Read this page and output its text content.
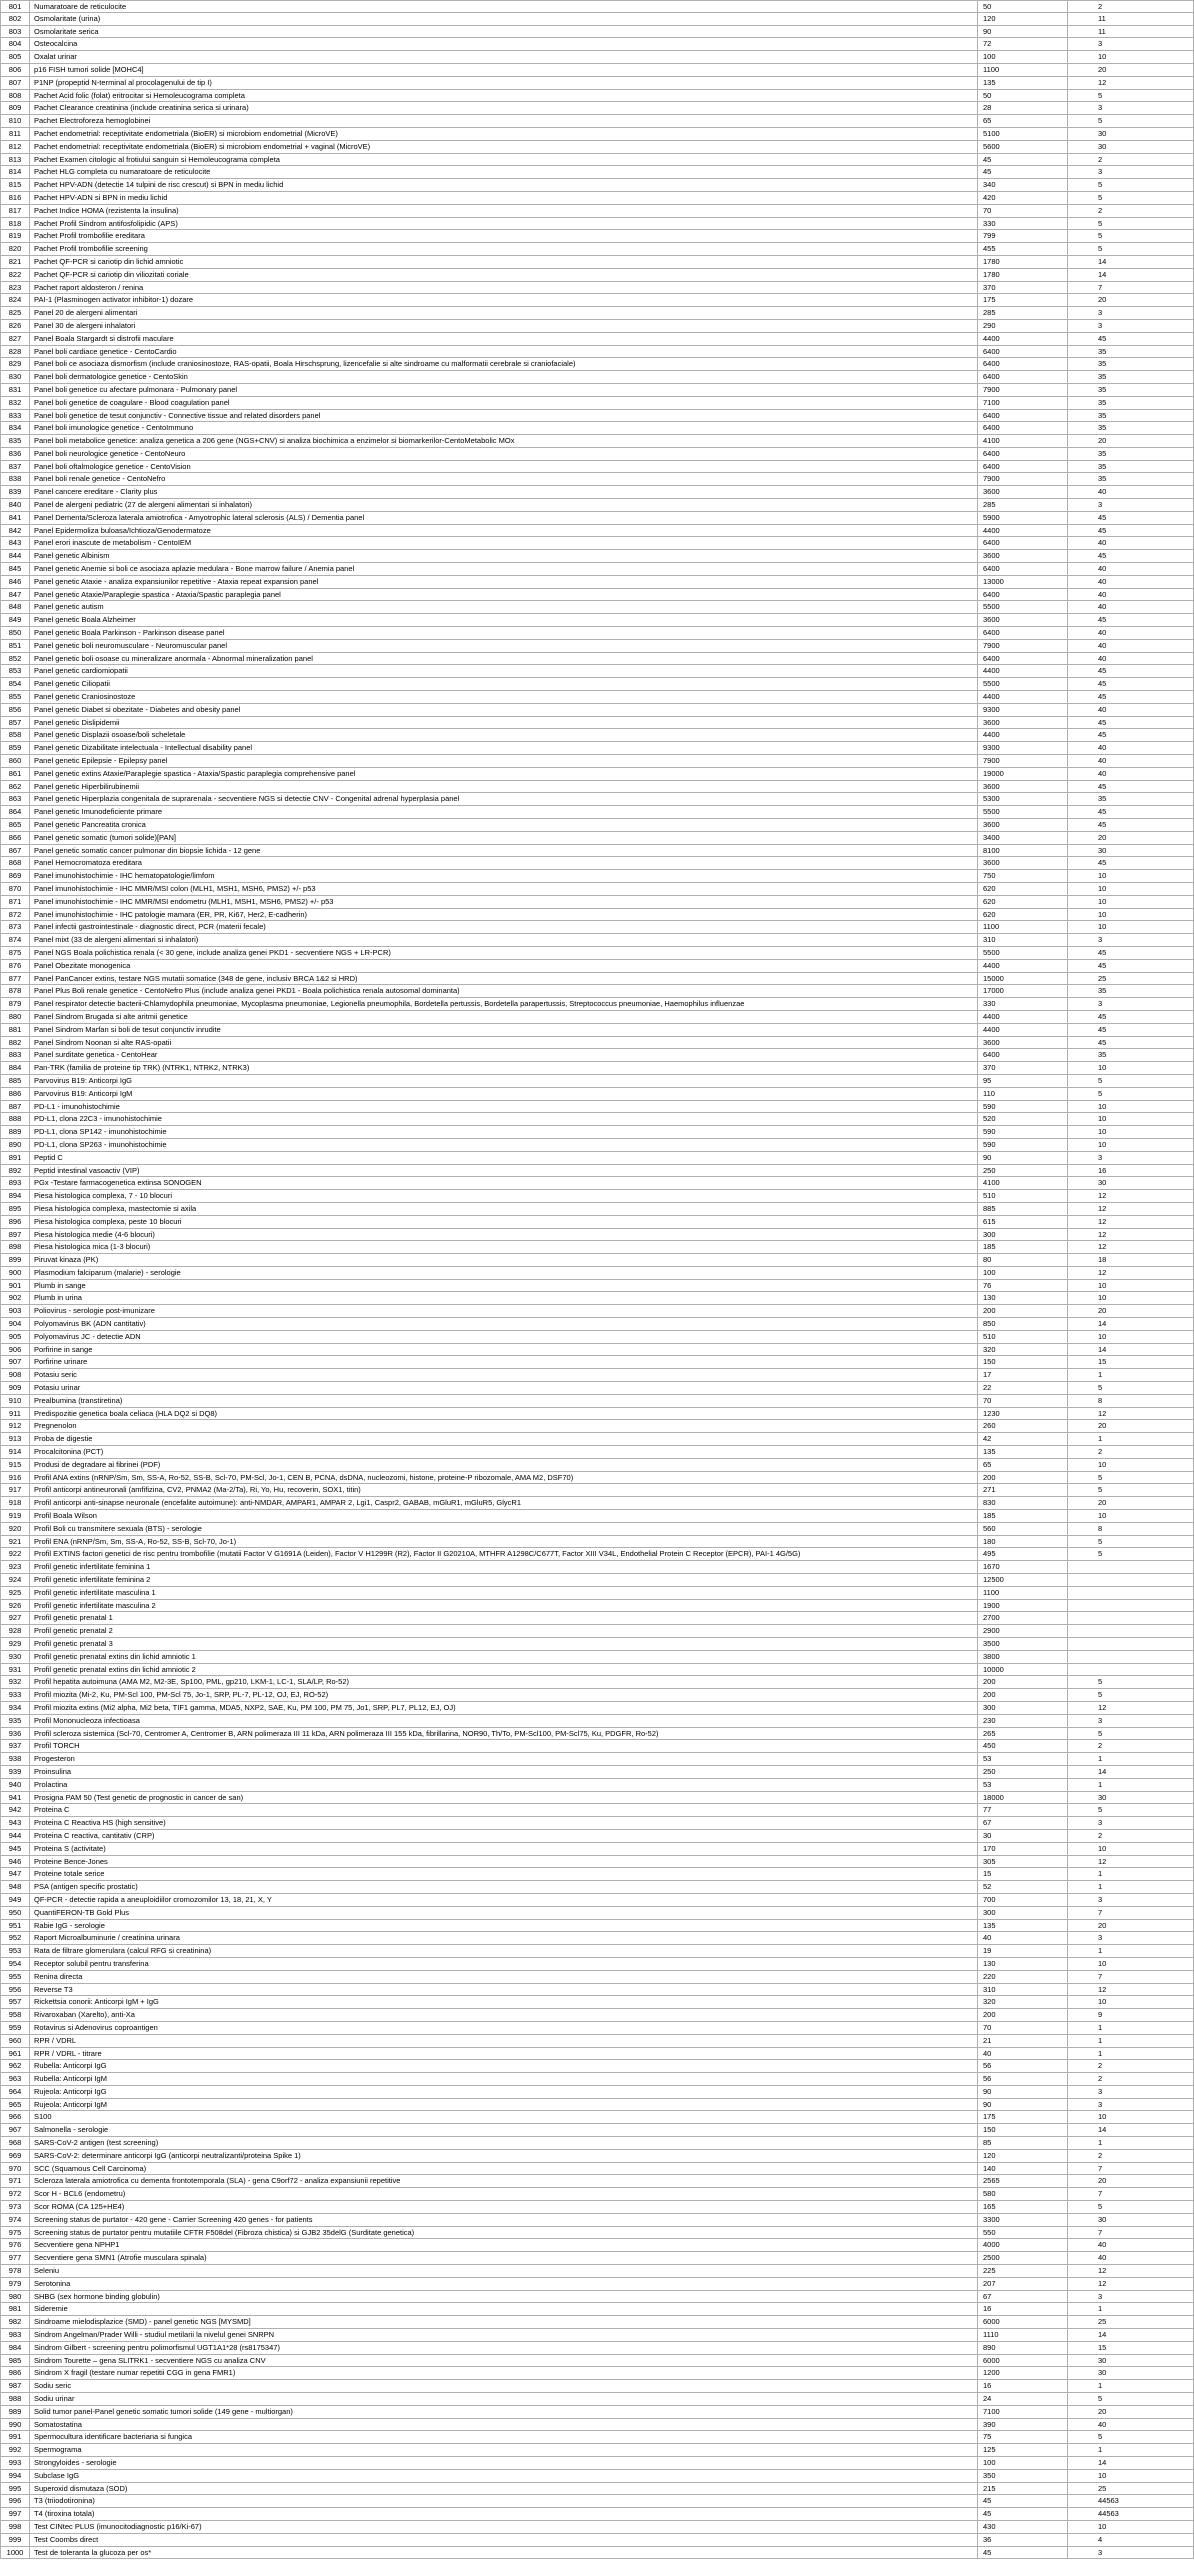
801	Numaratoare de reticulocite	50	2
802	Osmolaritate (urina)	120	11
803	Osmolaritate serica	90	11
804	Osteocalcina	72	3
805	Oxalat urinar	100	10
806	p16 FISH tumori solide [MOHC4]	1100	20
807	P1NP (propeptid N-terminal al procolagenului de tip I)	135	12
808	Pachet Acid folic (folat) eritrocitar si Hemoleucograma completa	50	5
809	Pachet Clearance creatinina (include creatinina serica si urinara)	28	3
810	Pachet Electroforeza hemoglobinei	65	5
811	Pachet endometrial: receptivitate endometriala (BioER) si microbiom endometrial (MicroVE)	5100	30
812	Pachet endometrial: receptivitate endometriala (BioER) si microbiom endometrial + vaginal (MicroVE)	5600	30
813	Pachet Examen citologic al frotiului sanguin si Hemoleucograma completa	45	2
814	Pachet HLG completa cu numaratoare de reticulocite	45	3
815	Pachet HPV-ADN (detectie 14 tulpini de risc crescut) si BPN in mediu lichid	340	5
816	Pachet HPV-ADN si BPN in mediu lichid	420	5
817	Pachet Indice HOMA (rezistenta la insulina)	70	2
818	Pachet Profil Sindrom antifosfolipidic (APS)	330	5
819	Pachet Profil trombofilie ereditara	799	5
820	Pachet Profil trombofilie screening	455	5
821	Pachet QF-PCR si cariotip din lichid amniotic	1780	14
822	Pachet QF-PCR si cariotip din viliozitati coriale	1780	14
823	Pachet raport aldosteron / renina	370	7
824	PAI-1 (Plasminogen activator inhibitor-1) dozare	175	20
825	Panel 20 de alergeni alimentari	285	3
826	Panel 30 de alergeni inhalatori	290	3
827	Panel Boala Stargardt si distrofii maculare	4400	45
828	Panel boli cardiace genetice - CentoCardio	6400	35
829	Panel boli ce asociaza dismorfism (include craniosinostoze, RAS-opatii, Boala Hirschsprung, lizencefalie si alte sindroame cu malformatii cerebrale si craniofaciale)	6400	35
830	Panel boli dermatologice genetice - CentoSkin	6400	35
831	Panel boli genetice cu afectare pulmonara - Pulmonary panel	7900	35
832	Panel boli genetice de coagulare - Blood coagulation panel	7100	35
833	Panel boli genetice de tesut conjunctiv - Connective tissue and related disorders panel	6400	35
834	Panel boli imunologice genetice - CentoImmuno	6400	35
835	Panel boli metabolice genetice: analiza genetica a 206 gene (NGS+CNV) si analiza biochimica a enzimelor si biomarkerilor-CentoMetabolic MOx	4100	20
836	Panel boli neurologice genetice - CentoNeuro	6400	35
837	Panel boli oftalmologice genetice - CentoVision	6400	35
838	Panel boli renale genetice - CentoNefro	7900	35
839	Panel cancere ereditare - Clarity plus	3600	40
840	Panel de alergeni pediatric (27 de alergeni alimentari si inhalatori)	285	3
841	Panel Dementa/Scleroza laterala amiotrofica - Amyotrophic lateral sclerosis (ALS) / Dementia panel	5900	45
842	Panel Epidermoliza buloasa/Ichtioza/Genodermatoze	4400	45
843	Panel erori inascute de metabolism - CentoIEM	6400	40
844	Panel genetic Albinism	3600	45
845	Panel genetic Anemie si boli ce asociaza aplazie medulara - Bone marrow failure / Anemia panel	6400	40
846	Panel genetic Ataxie - analiza expansiunilor repetitive - Ataxia repeat expansion panel	13000	40
847	Panel genetic Ataxie/Paraplegie spastica - Ataxia/Spastic paraplegia panel	6400	40
848	Panel genetic autism	5500	40
849	Panel genetic Boala Alzheimer	3600	45
850	Panel genetic Boala Parkinson - Parkinson disease panel	6400	40
851	Panel genetic boli neuromusculare - Neuromuscular panel	7900	40
852	Panel genetic boli osoase cu mineralizare anormala - Abnormal mineralization panel	6400	40
853	Panel genetic cardiomiopatii	4400	45
854	Panel genetic Ciliopatii	5500	45
855	Panel genetic Craniosinostoze	4400	45
856	Panel genetic Diabet si obezitate - Diabetes and obesity panel	9300	40
857	Panel genetic Dislipidemii	3600	45
858	Panel genetic Displazii osoase/boli scheletale	4400	45
859	Panel genetic Dizabilitate intelectuala - Intellectual disability panel	9300	40
860	Panel genetic Epilepsie - Epilepsy panel	7900	40
861	Panel genetic extins Ataxie/Paraplegie spastica - Ataxia/Spastic paraplegia comprehensive panel	19000	40
862	Panel genetic Hiperbilirubinemii	3600	45
863	Panel genetic Hiperplazia congenitala de suprarenala - secventiere NGS si detectie CNV - Congenital adrenal hyperplasia panel	5300	35
864	Panel genetic Imunodeficiente primare	5500	45
865	Panel genetic Pancreatita cronica	3600	45
866	Panel genetic somatic (tumori solide)[PAN]	3400	20
867	Panel genetic somatic cancer pulmonar din biopsie lichida - 12 gene	8100	30
868	Panel Hemocromatoza ereditara	3600	45
869	Panel imunohistochimie - IHC hematopatologie/limfom	750	10
870	Panel imunohistochimie - IHC MMR/MSI colon (MLH1, MSH1, MSH6, PMS2) +/- p53	620	10
871	Panel imunohistochimie - IHC MMR/MSI endometru (MLH1, MSH1, MSH6, PMS2) +/- p53	620	10
872	Panel imunohistochimie - IHC patologie mamara (ER, PR, Ki67, Her2, E-cadherin)	620	10
873	Panel infectii gastrointestinale - diagnostic direct, PCR (materii fecale)	1100	10
874	Panel mixt (33 de alergeni alimentari si inhalatori)	310	3
875	Panel NGS Boala polichistica renala (< 30 gene, include analiza genei PKD1 - secventiere NGS + LR-PCR)	5500	45
876	Panel Obezitate monogenica	4400	45
877	Panel PanCancer extins, testare NGS mutatii somatice (348 de gene, inclusiv BRCA 1&2 si HRD)	15000	25
878	Panel Plus Boli renale genetice - CentoNefro Plus (include analiza genei PKD1 - Boala polichistica renala autosomal dominanta)	17000	35
879	Panel respirator detectie bacterii-Chlamydophila pneumoniae, Mycoplasma pneumoniae, Legionella pneumophila, Bordetella pertussis, Bordetella parapertussis, Streptococcus pneumoniae, Haemophilus influenzae	330	3
880	Panel Sindrom Brugada si alte aritmii genetice	4400	45
881	Panel Sindrom Marfan si boli de tesut conjunctiv inrudite	4400	45
882	Panel Sindrom Noonan si alte RAS-opatii	3600	45
883	Panel surditate genetica - CentoHear	6400	35
884	Pan-TRK (familia de proteine tip TRK) (NTRK1, NTRK2, NTRK3)	370	10
885	Parvovirus B19: Anticorpi IgG	95	5
886	Parvovirus B19: Anticorpi IgM	110	5
887	PD-L1 - imunohistochimie	590	10
888	PD-L1, clona 22C3 - imunohistochimie	520	10
889	PD-L1, clona SP142 - imunohistochimie	590	10
890	PD-L1, clona SP263 - imunohistochimie	590	10
891	Peptid C	90	3
892	Peptid intestinal vasoactiv (VIP)	250	16
893	PGx -Testare farmacogenetica extinsa SONOGEN	4100	30
894	Piesa histologica complexa, 7 - 10 blocuri	510	12
895	Piesa histologica complexa, mastectomie si axila	885	12
896	Piesa histologica complexa, peste 10 blocuri	615	12
897	Piesa histologica medie (4-6 blocuri)	300	12
898	Piesa histologica mica (1-3 blocuri)	185	12
899	Piruvat kinaza (PK)	80	18
900	Plasmodium falciparum (malarie) - serologie	100	12
901	Plumb in sange	76	10
902	Plumb in urina	130	10
903	Poliovirus - serologie post-imunizare	200	20
904	Polyomavirus BK (ADN cantitativ)	850	14
905	Polyomavirus JC - detectie ADN	510	10
906	Porfirine in sange	320	14
907	Porfirine urinare	150	15
908	Potasiu seric	17	1
909	Potasiu urinar	22	5
910	Prealbumina (transtiretina)	70	8
911	Predispozitie genetica boala celiaca (HLA DQ2 si DQ8)	1230	12
912	Pregnenolon	260	20
913	Proba de digestie	42	1
914	Procalcitonina (PCT)	135	2
915	Produsi de degradare ai fibrinei (PDF)	65	10
916	Profil ANA extins (nRNP/Sm, Sm, SS-A, Ro-52, SS-B, Scl-70, PM-Scl, Jo-1, CEN B, PCNA, dsDNA, nucleozomi, histone, proteine-P ribozomale, AMA M2, DSF70)	200	5
917	Profil anticorpi antineuronali (amfifizina, CV2, PNMA2 (Ma-2/Ta), Ri, Yo, Hu, recoverin, SOX1, titin)	271	5
918	Profil anticorpi anti-sinapse neuronale (encefalite autoimune): anti-NMDAR, AMPAR1, AMPAR 2, Lgi1, Caspr2, GABAB, mGluR1, mGluR5, GlycR1	830	20
919	Profil Boala Wilson	185	10
920	Profil Boli cu transmitere sexuala (BTS) - serologie	560	8
921	Profil ENA (nRNP/Sm, Sm, SS-A, Ro-52, SS-B, Scl-70, Jo-1)	180	5
922	Profil EXTINS factori genetici de risc pentru trombofilie (mutatii Factor V G1691A (Leiden), Factor V H1299R (R2), Factor II G20210A, MTHFR A1298C/C677T, Factor XIII V34L, Endothelial Protein C Receptor (EPCR), PAI-1 4G/5G)	495	5
923	Profil genetic infertilitate feminina 1	1670
924	Profil genetic infertilitate feminina 2	12500
925	Profil genetic infertilitate masculina 1	1100
926	Profil genetic infertilitate masculina 2	1900
927	Profil genetic prenatal 1	2700
928	Profil genetic prenatal 2	2900
929	Profil genetic prenatal 3	3500
930	Profil genetic prenatal extins din lichid amniotic 1	3800
931	Profil genetic prenatal extins din lichid amniotic 2	10000
932	Profil hepatita autoimuna (AMA M2, M2-3E, Sp100, PML, gp210, LKM-1, LC-1, SLA/LP, Ro-52)	200	5
933	Profil miozita (Mi-2, Ku, PM-Scl 100, PM-Scl 75, Jo-1, SRP, PL-7, PL-12, OJ, EJ, RO-52)	200	5
934	Profil miozita extins (Mi2 alpha, Mi2 beta, TIF1 gamma, MDA5, NXP2, SAE, Ku, PM 100, PM 75, Jo1, SRP, PL7, PL12, EJ, OJ)	300	12
935	Profil Mononucleoza infectioasa	230	3
936	Profil scleroza sistemica (Scl-70, Centromer A, Centromer B, ARN polimeraza III 11 kDa, ARN polimeraza III 155 kDa, fibrillarina, NOR90, Th/To, PM-Scl100, PM-Scl75, Ku, PDGFR, Ro-52)	265	5
937	Profil TORCH	450	2
938	Progesteron	53	1
939	Proinsulina	250	14
940	Prolactina	53	1
941	Prosigna PAM 50 (Test genetic de prognostic in cancer de san)	18000	30
942	Proteina C	77	5
943	Proteina C Reactiva HS (high sensitive)	67	3
944	Proteina C reactiva, cantitativ (CRP)	30	2
945	Proteina S (activitate)	170	10
946	Proteine Bence-Jones	305	12
947	Proteine totale serice	15	1
948	PSA (antigen specific prostatic)	52	1
949	QF-PCR - detectie rapida a aneuploidiilor cromozomilor 13, 18, 21, X, Y	700	3
950	QuantiFERON-TB Gold Plus	300	7
951	Rabie IgG - serologie	135	20
952	Raport Microalbuminurie / creatinina urinara	40	3
953	Rata de filtrare glomerulara (calcul RFG si creatinina)	19	1
954	Receptor solubil pentru transferina	130	10
955	Renina directa	220	7
956	Reverse T3	310	12
957	Rickettsia conorii: Anticorpi IgM + IgG	320	10
958	Rivaroxaban (Xarelto), anti-Xa	200	9
959	Rotavirus si Adenovirus coproantigen	70	1
960	RPR / VDRL	21	1
961	RPR / VDRL - titrare	40	1
962	Rubella: Anticorpi IgG	56	2
963	Rubella: Anticorpi IgM	56	2
964	Rujeola: Anticorpi IgG	90	3
965	Rujeola: Anticorpi IgM	90	3
966	S100	175	10
967	Salmonella - serologie	150	14
968	SARS-CoV-2 antigen (test screening)	85	1
969	SARS-CoV-2: determinare anticorpi IgG (anticorpi neutralizanti/proteina Spike 1)	120	2
970	SCC (Squamous Cell Carcinoma)	140	7
971	Scleroza laterala amiotrofica cu dementa frontotemporala (SLA) - gena C9orf72 - analiza expansiunii repetitive	2565	20
972	Scor H - BCL6 (endometru)	580	7
973	Scor ROMA (CA 125+HE4)	165	5
974	Screening status de purtator - 420 gene - Carrier Screening 420 genes - for patients	3300	30
975	Screening status de purtator pentru mutatiile CFTR F508del (Fibroza chistica) si GJB2 35delG (Surditate genetica)	550	7
976	Secventiere gena NPHP1	4000	40
977	Secventiere gena SMN1 (Atrofie musculara spinala)	2500	40
978	Seleniu	225	12
979	Serotonina	207	12
980	SHBG (sex hormone binding globulin)	67	3
981	Sideremie	16	1
982	Sindroame mielodisplazice (SMD) - panel genetic NGS [MYSMD]	6000	25
983	Sindrom Angelman/Prader Willi - studiul metilarii la nivelul genei SNRPN	1110	14
984	Sindrom Gilbert - screening pentru polimorfismul UGT1A1*28 (rs8175347)	890	15
985	Sindrom Tourette – gena SLITRK1 - secventiere NGS cu analiza CNV	6000	30
986	Sindrom X fragil (testare numar repetitii CGG in gena FMR1)	1200	30
987	Sodiu seric	16	1
988	Sodiu urinar	24	5
989	Solid tumor panel-Panel genetic somatic tumori solide (149 gene - multiorgan)	7100	20
990	Somatostatina	390	40
991	Spermocultura identificare bacteriana si fungica	75	5
992	Spermograma	125	1
993	Strongyloides - serologie	100	14
994	Subclase IgG	350	10
995	Superoxid dismutaza (SOD)	215	25
996	T3 (triiodotironina)	45	44563
997	T4 (tiroxina totala)	45	44563
998	Test CINtec PLUS (imunocitodiagnostic p16/Ki-67)	430	10
999	Test Coombs direct	36	4
1000	Test de toleranta la glucoza per os*	45	3
